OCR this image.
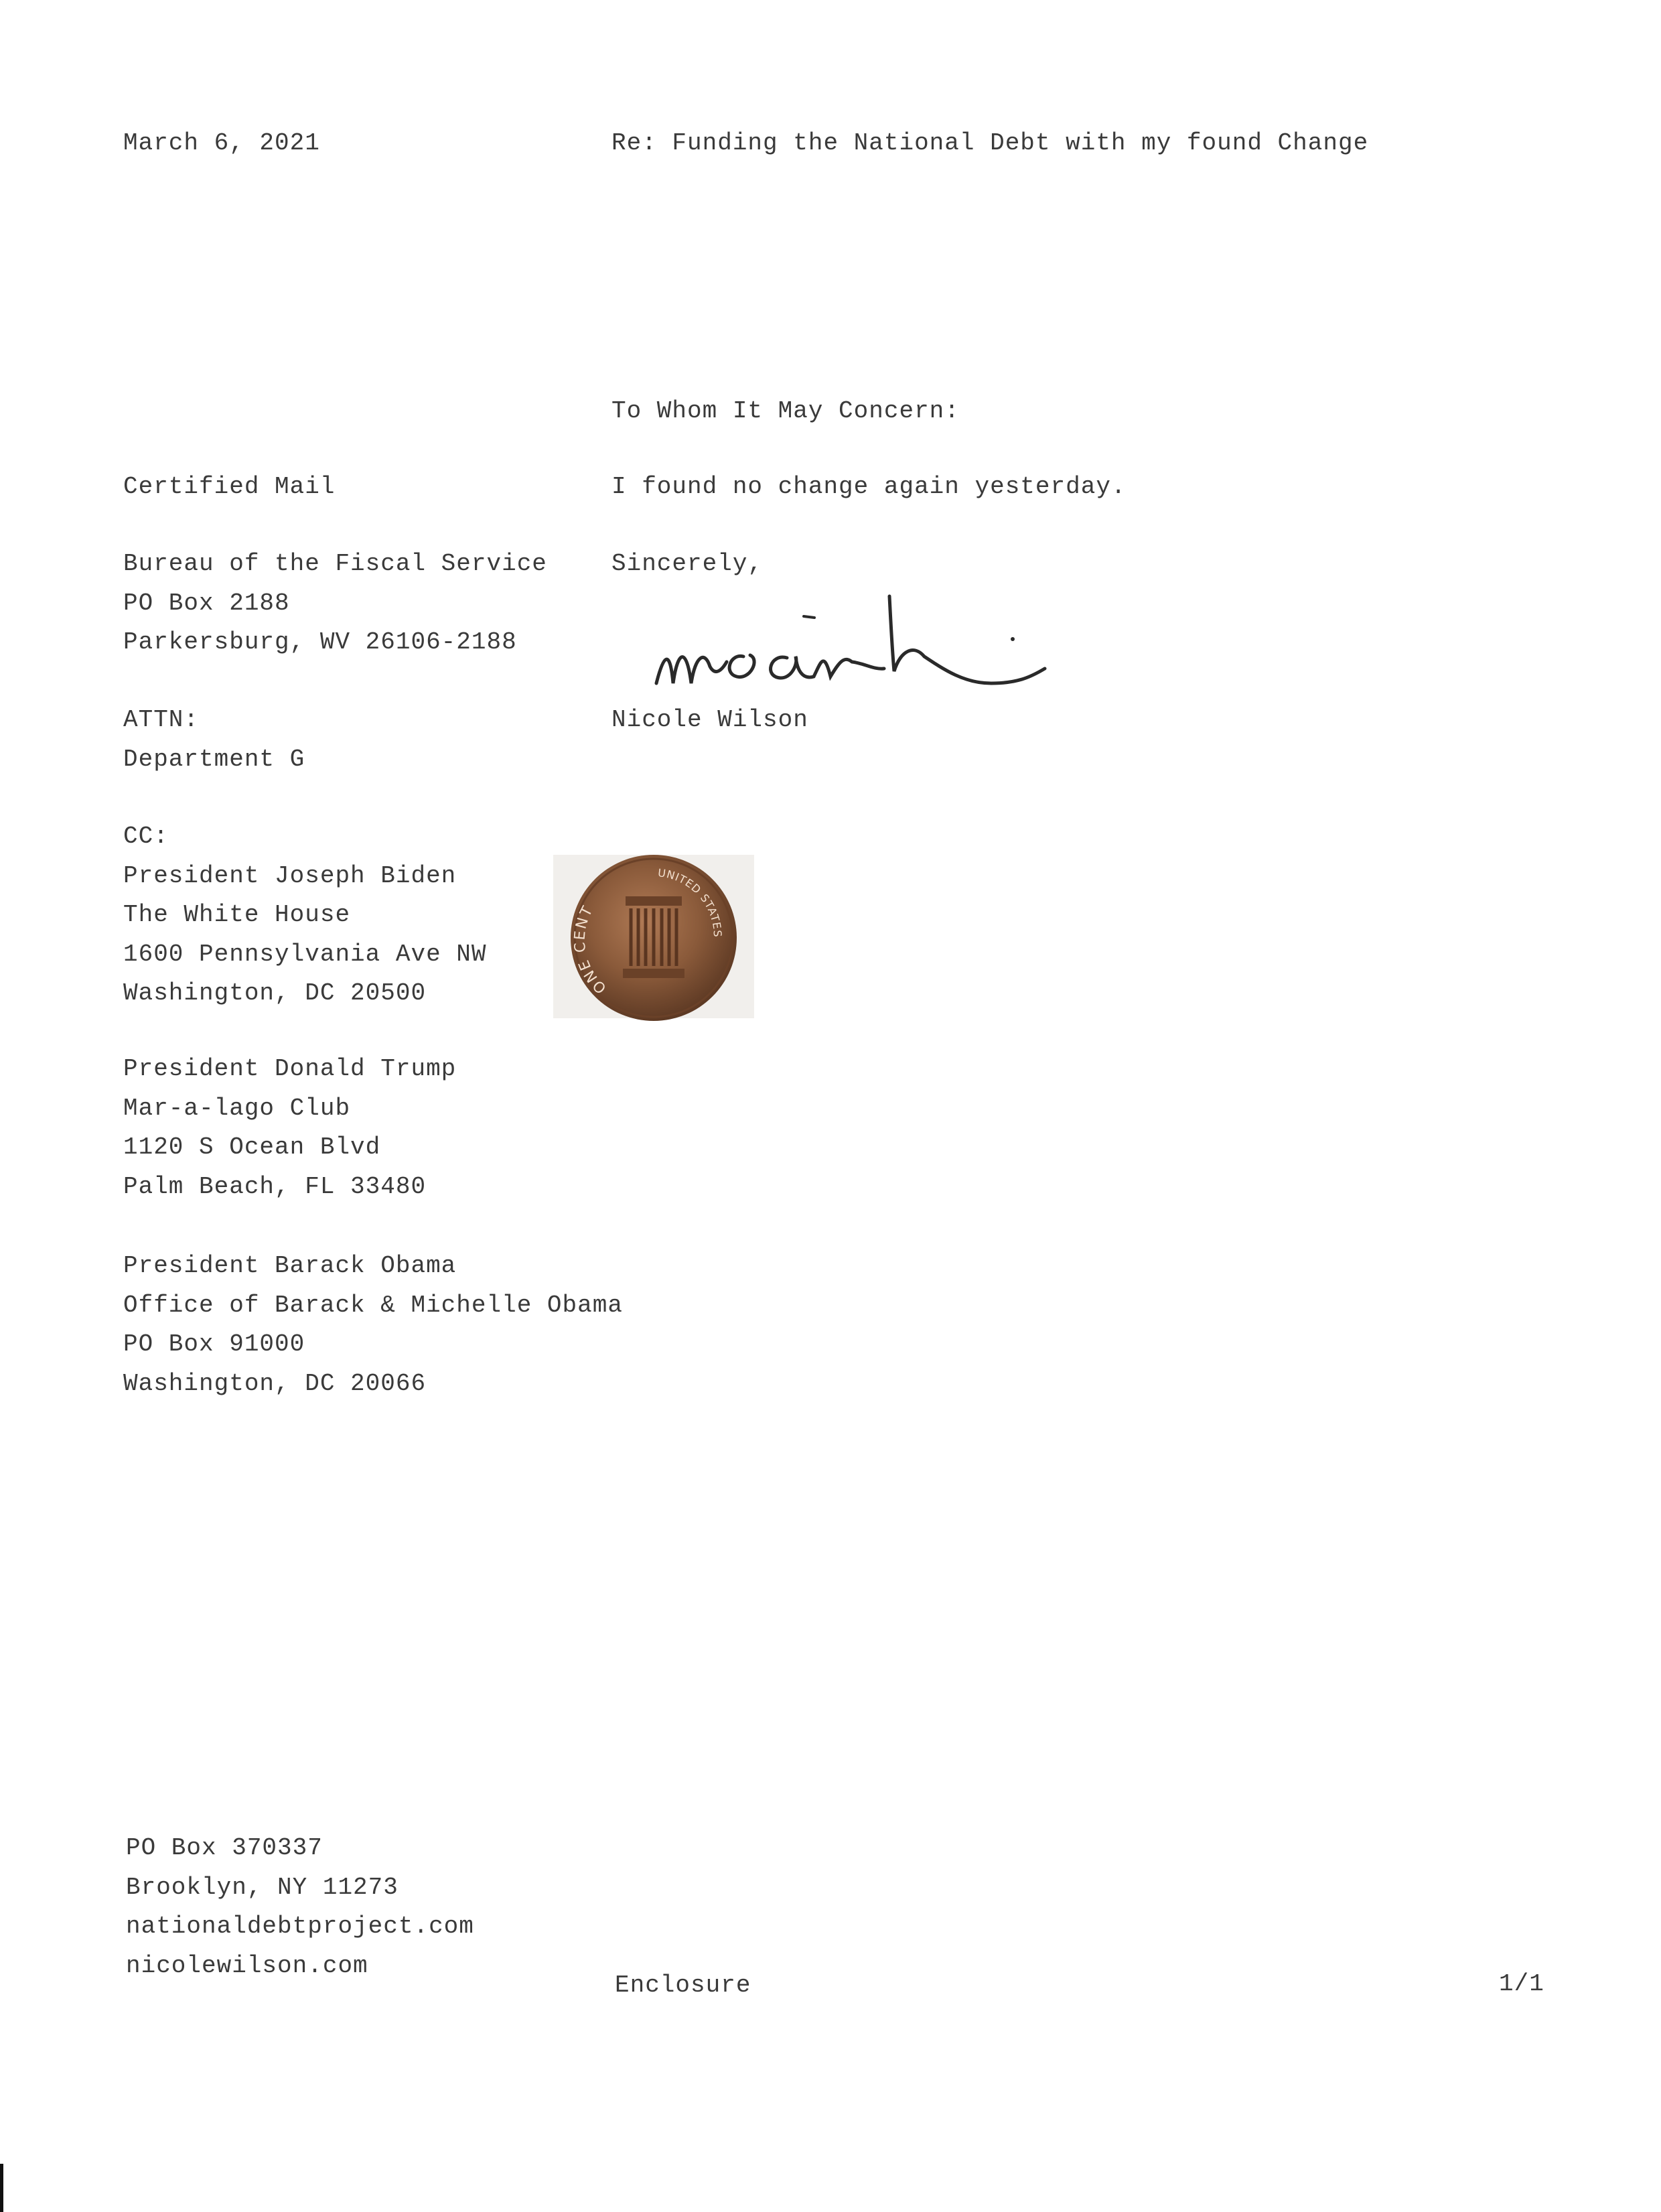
March 6, 2021	Re: Funding the National Debt with my found Change
To Whom It May Concern:
I found no change again yesterday.
Sincerely,
Nicole Wilson
Certified Mail
Bureau of the Fiscal Service
PO Box 2188
Parkersburg, WV 26106-2188
ATTN:
Department G
CC:
President Joseph Biden
The White House
1600 Pennsylvania Ave NW
Washington, DC 20500
President Donald Trump
Mar-a-lago Club
1120 S Ocean Blvd
Palm Beach, FL 33480
President Barack Obama
Office of Barack & Michelle Obama
PO Box 91000
Washington, DC 20066
UNITED STATES
ONE CENT
PO Box 370337
Brooklyn, NY 11273
nationaldebtproject.com
nicolewilson.com
Enclosure	1/1
